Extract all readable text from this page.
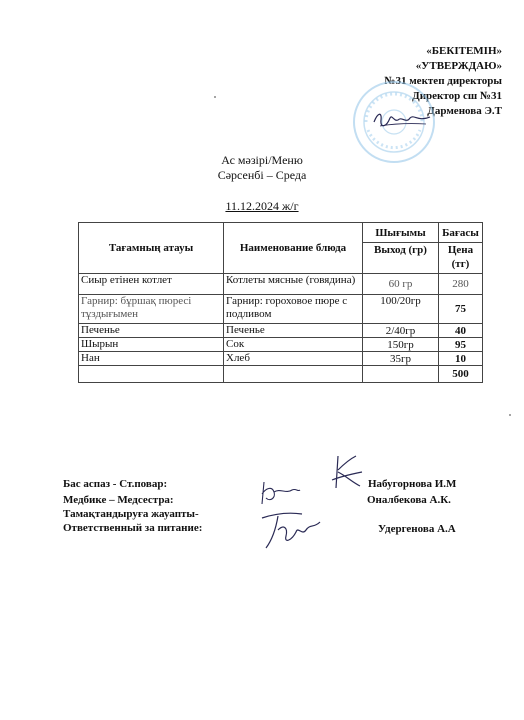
«БЕКІТЕМІН»
«УТВЕРЖДАЮ»
№31 мектеп директоры
Директор сш №31
Дарменова Э.Т
Ас мәзірі/Меню
Сәрсенбі – Среда
11.12.2024 ж/г
Тағамның атауы	Наименование блюда	Шығымы	Бағасы
		Выход (гр)	Цена (тг)
Сиыр етінен котлет	Котлеты мясные (говядина)	60 гр	280
Гарнир: бұршақ пюресі тұздығымен	Гарнир: гороховое пюре с подливом	100/20гр	75
Печенье	Печенье	2/40гр	40
Шырын	Сок	150гр	95
Нан	Хлеб	35гр	10
			500
Бас аспаз - Ст.повар:	Набугорнова И.М
Медбике – Медсестра:	Оналбекова А.К.
Тамақтандыруға жауапты-
Ответственный за питание:	Удергенова А.А
